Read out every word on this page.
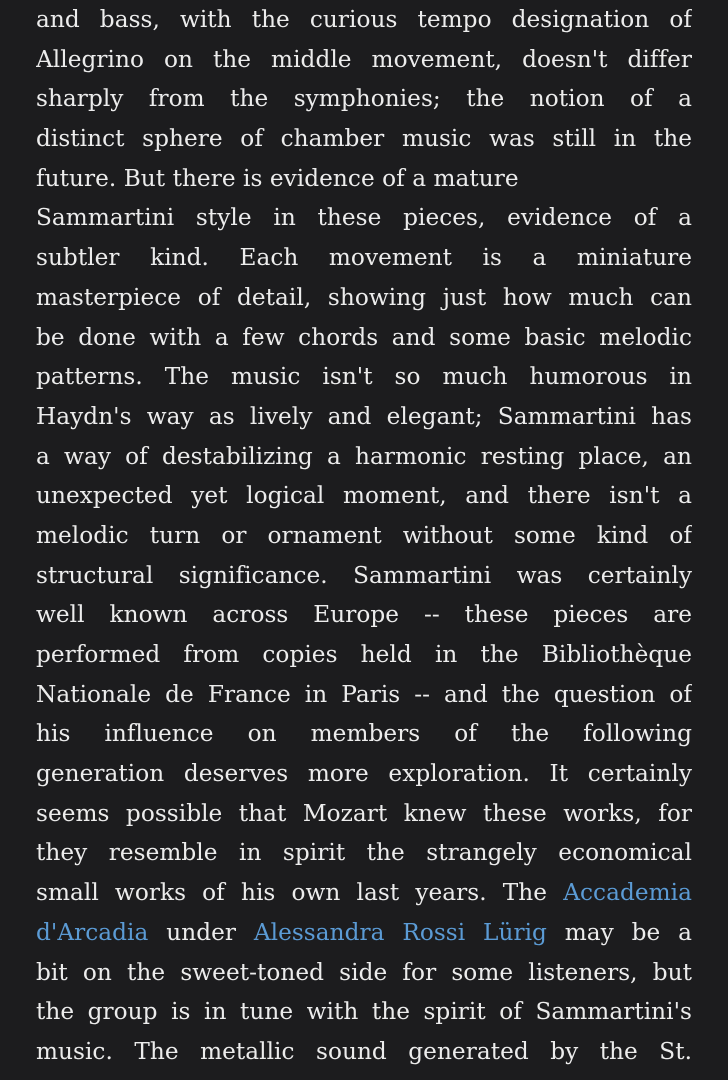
and bass, with the curious tempo designation of
Allegrino on the middle movement, doesn't differ
sharply from the symphonies; the notion of a
distinct sphere of chamber music was still in the
future. But there is evidence of a mature
Sammartini style in these pieces, evidence of a
subtler kind. Each movement is a miniature
masterpiece of detail, showing just how much can
be done with a few chords and some basic melodic
patterns. The music isn't so much humorous in
Haydn's way as lively and elegant; Sammartini has
a way of destabilizing a harmonic resting place, an
unexpected yet logical moment, and there isn't a
melodic turn or ornament without some kind of
structural significance. Sammartini was certainly
well known across Europe -- these pieces are
performed from copies held in the Bibliothèque
Nationale de France in Paris -- and the question of
his influence on members of the following
generation deserves more exploration. It certainly
seems possible that Mozart knew these works, for
they resemble in spirit the strangely economical
small works of his own last years. The Accademia
d'Arcadia under Alessandra Rossi Lürig may be a
bit on the sweet-toned side for some listeners, but
the group is in tune with the spirit of Sammartini's
music. The metallic sound generated by the St.
